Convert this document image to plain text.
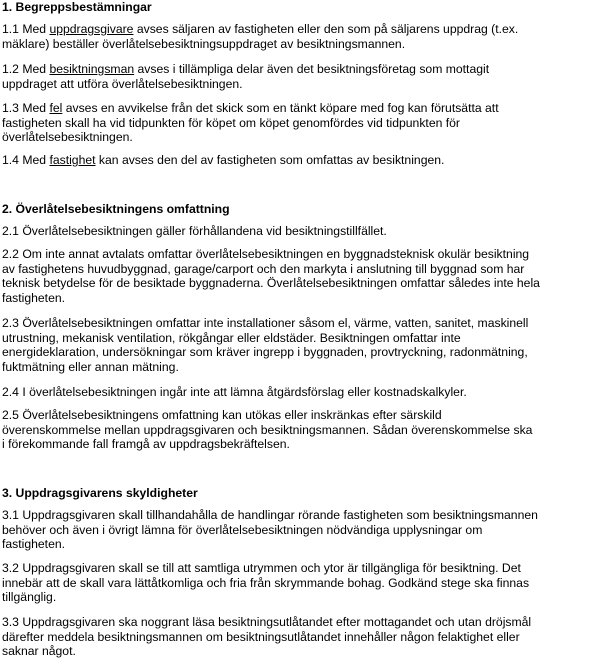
1. Begreppsbestämningar
1.1 Med uppdragsgivare avses säljaren av fastigheten eller den som på säljarens uppdrag (t.ex.
mäklare) beställer överlåtelsebesiktningsuppdraget av besiktningsmannen.
1.2 Med besiktningsman avses i tillämpliga delar även det besiktningsföretag som mottagit
uppdraget att utföra överlåtelsebesiktningen.
1.3 Med fel avses en avvikelse från det skick som en tänkt köpare med fog kan förutsätta att
fastigheten skall ha vid tidpunkten för köpet om köpet genomfördes vid tidpunkten för
överlåtelsebesiktningen.
1.4 Med fastighet kan avses den del av fastigheten som omfattas av besiktningen.
2. Överlåtelsebesiktningens omfattning
2.1 Överlåtelsebesiktningen gäller förhållandena vid besiktningstillfället.
2.2 Om inte annat avtalats omfattar överlåtelsebesiktningen en byggnadsteknisk okulär besiktning
av fastighetens huvudbyggnad, garage/carport och den markyta i anslutning till byggnad som har
teknisk betydelse för de besiktade byggnaderna. Överlåtelsebesiktningen omfattar således inte hela
fastigheten.
2.3 Överlåtelsebesiktningen omfattar inte installationer såsom el, värme, vatten, sanitet, maskinell
utrustning, mekanisk ventilation, rökgångar eller eldstäder. Besiktningen omfattar inte
energideklaration, undersökningar som kräver ingrepp i byggnaden, provtryckning, radonmätning,
fuktmätning eller annan mätning.
2.4 I överlåtelsebesiktningen ingår inte att lämna åtgärdsförslag eller kostnadskalkyler.
2.5 Överlåtelsebesiktningens omfattning kan utökas eller inskränkas efter särskild
överenskommelse mellan uppdragsgivaren och besiktningsmannen. Sådan överenskommelse ska
i förekommande fall framgå av uppdragsbekräftelsen.
3. Uppdragsgivarens skyldigheter
3.1 Uppdragsgivaren skall tillhandahålla de handlingar rörande fastigheten som besiktningsmannen
behöver och även i övrigt lämna för överlåtelsebesiktningen nödvändiga upplysningar om
fastigheten.
3.2 Uppdragsgivaren skall se till att samtliga utrymmen och ytor är tillgängliga för besiktning. Det
innebär att de skall vara lättåtkomliga och fria från skrymmande bohag. Godkänd stege ska finnas
tillgänglig.
3.3 Uppdragsgivaren ska noggrant läsa besiktningsutlåtandet efter mottagandet och utan dröjsmål
därefter meddela besiktningsmannen om besiktningsutlåtandet innehåller någon felaktighet eller
saknar något.
